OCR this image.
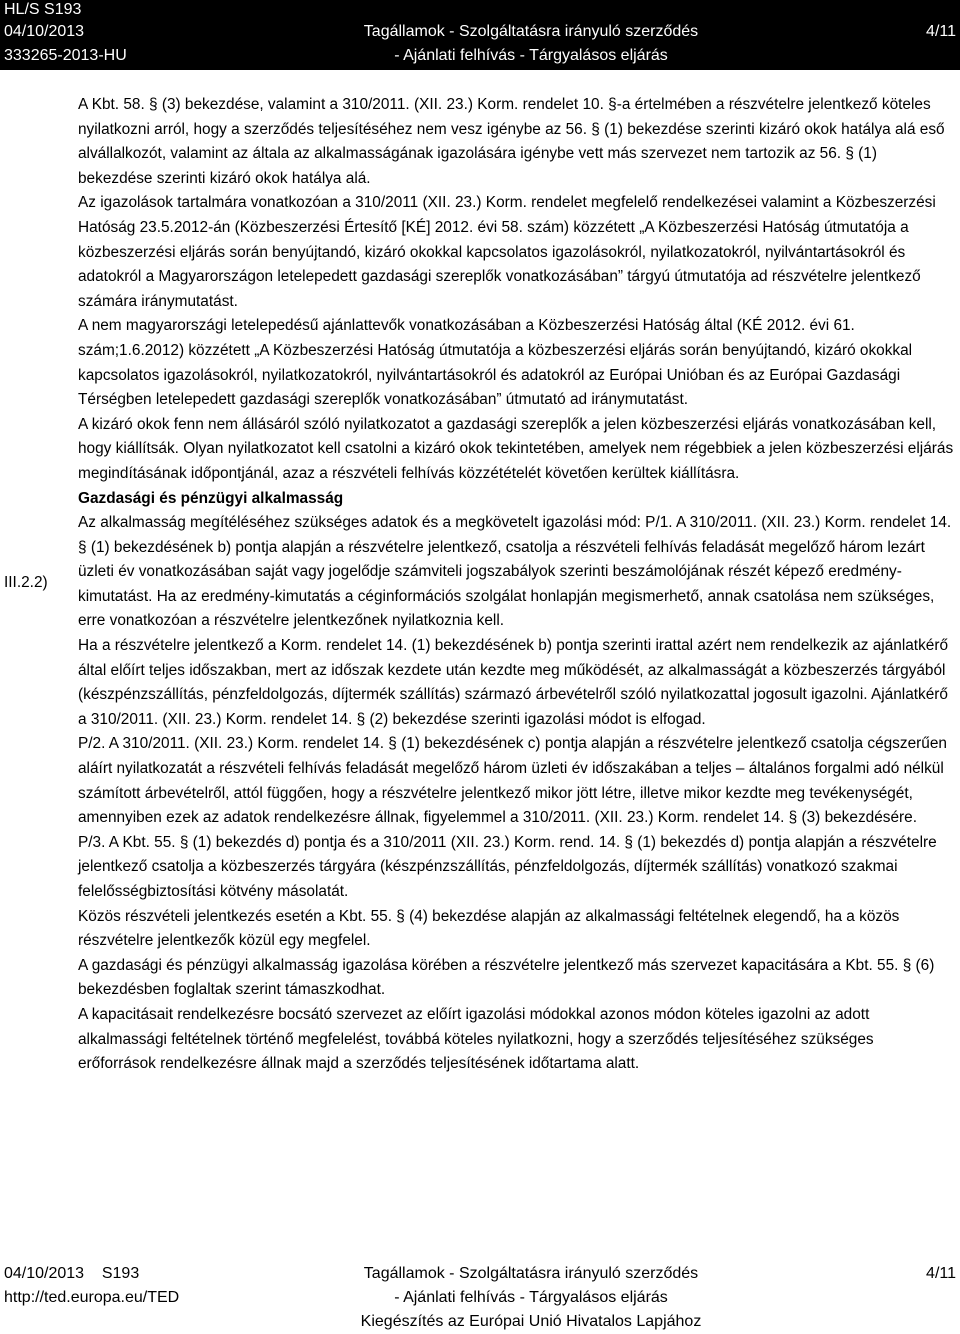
HL/S S193
04/10/2013	Tagállamok - Szolgáltatásra irányuló szerződés	4/11
333265-2013-HU	- Ajánlati felhívás - Tárgyalásos eljárás
III.2.2)

A Kbt. 58. § (3) bekezdése, valamint a 310/2011. (XII. 23.) Korm. rendelet 10. §-a értelmében a részvételre jelentkező köteles nyilatkozni arról, hogy a szerződés teljesítéséhez nem vesz igénybe az 56. § (1) bekezdése szerinti kizáró okok hatálya alá eső alvállalkozót, valamint az általa az alkalmasságának igazolására igénybe vett más szervezet nem tartozik az 56. § (1) bekezdése szerinti kizáró okok hatálya alá.

Az igazolások tartalmára vonatkozóan a 310/2011 (XII. 23.) Korm. rendelet megfelelő rendelkezései valamint a Közbeszerzési Hatóság 23.5.2012-án (Közbeszerzési Értesítő [KÉ] 2012. évi 58. szám) közzétett „A Közbeszerzési Hatóság útmutatója a közbeszerzési eljárás során benyújtandó, kizáró okokkal kapcsolatos igazolásokról, nyilatkozatokról, nyilvántartásokról és adatokról a Magyarországon letelepedett gazdasági szereplők vonatkozásában” tárgyú útmutatója ad részvételre jelentkező számára iránymutatást.

A nem magyarországi letelepedésű ajánlattevők vonatkozásában a Közbeszerzési Hatóság által (KÉ 2012. évi 61. szám;1.6.2012) közzétett „A Közbeszerzési Hatóság útmutatója a közbeszerzési eljárás során benyújtandó, kizáró okokkal kapcsolatos igazolásokról, nyilatkozatokról, nyilvántartásokról és adatokról az Európai Unióban és az Európai Gazdasági Térségben letelepedett gazdasági szereplők vonatkozásában” útmutató ad iránymutatást.

A kizáró okok fenn nem állásáról szóló nyilatkozatot a gazdasági szereplők a jelen közbeszerzési eljárás vonatkozásában kell, hogy kiállítsák. Olyan nyilatkozatot kell csatolni a kizáró okok tekintetében, amelyek nem régebbiek a jelen közbeszerzési eljárás megindításának időpontjánál, azaz a részvételi felhívás közzétételét követően kerültek kiállításra.

Gazdasági és pénzügyi alkalmasság

Az alkalmasság megítéléséhez szükséges adatok és a megkövetelt igazolási mód: P/1. A 310/2011. (XII. 23.) Korm. rendelet 14. § (1) bekezdésének b) pontja alapján a részvételre jelentkező, csatolja a részvételi felhívás feladását megelőző három lezárt üzleti év vonatkozásában saját vagy jogelődje számviteli jogszabályok szerinti beszámolójának részét képező eredmény-kimutatást. Ha az eredmény-kimutatás a céginformációs szolgálat honlapján megismerhető, annak csatolása nem szükséges, erre vonatkozóan a részvételre jelentkezőnek nyilatkoznia kell.

Ha a részvételre jelentkező a Korm. rendelet 14. (1) bekezdésének b) pontja szerinti irattal azért nem rendelkezik az ajánlatkérő által előírt teljes időszakban, mert az időszak kezdete után kezdte meg működését, az alkalmasságát a közbeszerzés tárgyából (készpénzszállítás, pénzfeldolgozás, díjtermék szállítás) származó árbevételről szóló nyilatkozattal jogosult igazolni. Ajánlatkérő a 310/2011. (XII. 23.) Korm. rendelet 14. § (2) bekezdése szerinti igazolási módot is elfogad.

P/2. A 310/2011. (XII. 23.) Korm. rendelet 14. § (1) bekezdésének c) pontja alapján a részvételre jelentkező csatolja cégszerűen aláírt nyilatkozatát a részvételi felhívás feladását megelőző három üzleti év időszakában a teljes – általános forgalmi adó nélkül számított árbevételről, attól függően, hogy a részvételre jelentkező mikor jött létre, illetve mikor kezdte meg tevékenységét, amennyiben ezek az adatok rendelkezésre állnak, figyelemmel a 310/2011. (XII. 23.) Korm. rendelet 14. § (3) bekezdésére.

P/3. A Kbt. 55. § (1) bekezdés d) pontja és a 310/2011 (XII. 23.) Korm. rend. 14. § (1) bekezdés d) pontja alapján a részvételre jelentkező csatolja a közbeszerzés tárgyára (készpénzszállítás, pénzfeldolgozás, díjtermék szállítás) vonatkozó szakmai felelősségbiztosítási kötvény másolatát.

Közös részvételi jelentkezés esetén a Kbt. 55. § (4) bekezdése alapján az alkalmassági feltételnek elegendő, ha a közös részvételre jelentkezők közül egy megfelel.

A gazdasági és pénzügyi alkalmasság igazolása körében a részvételre jelentkező más szervezet kapacitására a Kbt. 55. § (6) bekezdésben foglaltak szerint támaszkodhat.

A kapacitásait rendelkezésre bocsátó szervezet az előírt igazolási módokkal azonos módon köteles igazolni az adott alkalmassági feltételnek történő megfelelést, továbbá köteles nyilatkozni, hogy a szerződés teljesítéséhez szükséges erőforrások rendelkezésre állnak majd a szerződés teljesítésének időtartama alatt.

04/10/2013 S193	Tagállamok - Szolgáltatásra irányuló szerződés	4/11
http://ted.europa.eu/TED	- Ajánlati felhívás - Tárgyalásos eljárás
Kiegészítés az Európai Unió Hivatalos Lapjához
